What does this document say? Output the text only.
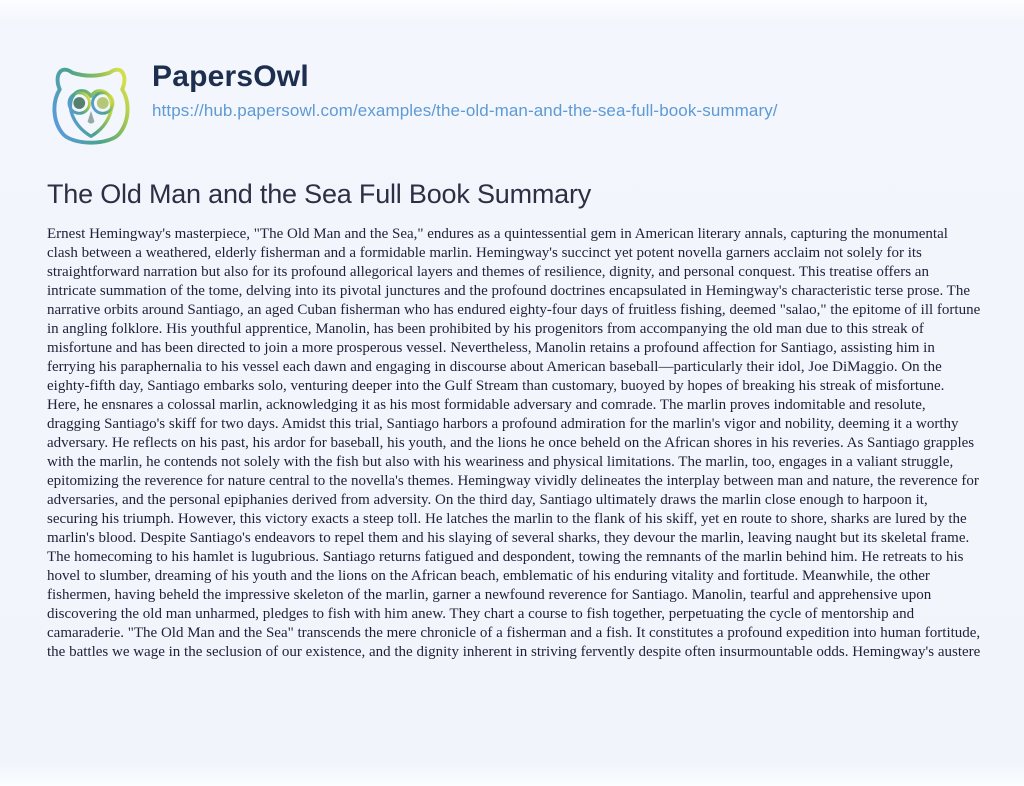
PapersOwl
https://hub.papersowl.com/examples/the-old-man-and-the-sea-full-book-summary/
The Old Man and the Sea Full Book Summary
Ernest Hemingway's masterpiece, "The Old Man and the Sea," endures as a quintessential gem in American literary annals, capturing the monumental clash between a weathered, elderly fisherman and a formidable marlin. Hemingway's succinct yet potent novella garners acclaim not solely for its straightforward narration but also for its profound allegorical layers and themes of resilience, dignity, and personal conquest. This treatise offers an intricate summation of the tome, delving into its pivotal junctures and the profound doctrines encapsulated in Hemingway's characteristic terse prose. The narrative orbits around Santiago, an aged Cuban fisherman who has endured eighty-four days of fruitless fishing, deemed "salao," the epitome of ill fortune in angling folklore. His youthful apprentice, Manolin, has been prohibited by his progenitors from accompanying the old man due to this streak of misfortune and has been directed to join a more prosperous vessel. Nevertheless, Manolin retains a profound affection for Santiago, assisting him in ferrying his paraphernalia to his vessel each dawn and engaging in discourse about American baseball—particularly their idol, Joe DiMaggio. On the eighty-fifth day, Santiago embarks solo, venturing deeper into the Gulf Stream than customary, buoyed by hopes of breaking his streak of misfortune. Here, he ensnares a colossal marlin, acknowledging it as his most formidable adversary and comrade. The marlin proves indomitable and resolute, dragging Santiago's skiff for two days. Amidst this trial, Santiago harbors a profound admiration for the marlin's vigor and nobility, deeming it a worthy adversary. He reflects on his past, his ardor for baseball, his youth, and the lions he once beheld on the African shores in his reveries. As Santiago grapples with the marlin, he contends not solely with the fish but also with his weariness and physical limitations. The marlin, too, engages in a valiant struggle, epitomizing the reverence for nature central to the novella's themes. Hemingway vividly delineates the interplay between man and nature, the reverence for adversaries, and the personal epiphanies derived from adversity. On the third day, Santiago ultimately draws the marlin close enough to harpoon it, securing his triumph. However, this victory exacts a steep toll. He latches the marlin to the flank of his skiff, yet en route to shore, sharks are lured by the marlin's blood. Despite Santiago's endeavors to repel them and his slaying of several sharks, they devour the marlin, leaving naught but its skeletal frame. The homecoming to his hamlet is lugubrious. Santiago returns fatigued and despondent, towing the remnants of the marlin behind him. He retreats to his hovel to slumber, dreaming of his youth and the lions on the African beach, emblematic of his enduring vitality and fortitude. Meanwhile, the other fishermen, having beheld the impressive skeleton of the marlin, garner a newfound reverence for Santiago. Manolin, tearful and apprehensive upon discovering the old man unharmed, pledges to fish with him anew. They chart a course to fish together, perpetuating the cycle of mentorship and camaraderie. "The Old Man and the Sea" transcends the mere chronicle of a fisherman and a fish. It constitutes a profound expedition into human fortitude, the battles we wage in the seclusion of our existence, and the dignity inherent in striving fervently despite often insurmountable odds. Hemingway's austere
